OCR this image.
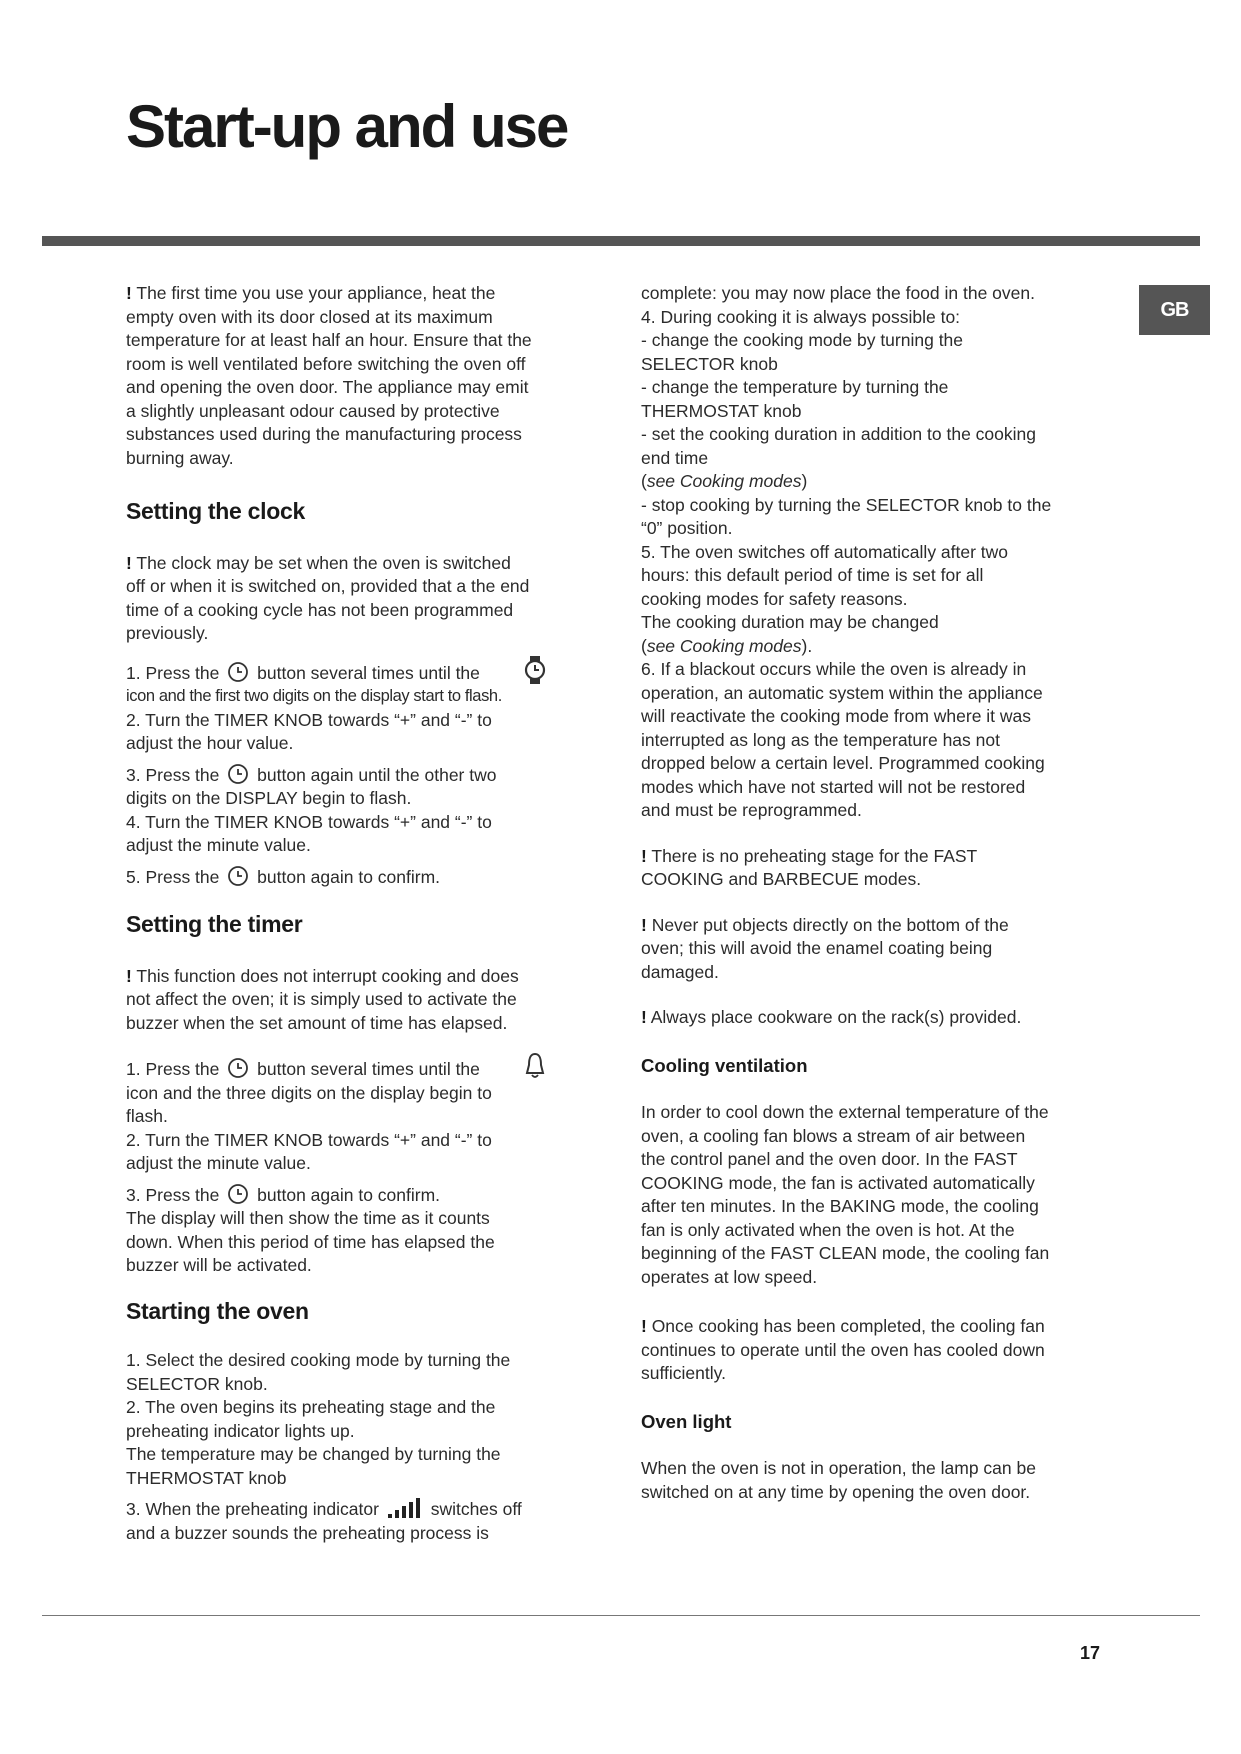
Start-up and use
GB

! The first time you use your appliance, heat the
empty oven with its door closed at its maximum
temperature for at least half an hour. Ensure that the
room is well ventilated before switching the oven off
and opening the oven door. The appliance may emit
a slightly unpleasant odour caused by protective
substances used during the manufacturing process
burning away.

Setting the clock

! The clock may be set when the oven is switched
off or when it is switched on, provided that a the end
time of a cooking cycle has not been programmed
previously.

1. Press the button several times until the
icon and the first two digits on the display start to flash.
2. Turn the TIMER KNOB towards “+” and “-” to
adjust the hour value.

3. Press the
button again until the other two
digits on the DISPLAY begin to flash.
4. Turn the TIMER KNOB towards “+” and “-” to
adjust the minute value.

5. Press the button again to confirm.

Setting the timer

! This function does not interrupt cooking and does
not affect the oven; it is simply used to activate the
buzzer when the set amount of time has elapsed.

1. Press the button several times until the
icon and the three digits on the display begin to
flash.
2. Turn the TIMER KNOB towards “+” and “-” to
adjust the minute value.

3. Press the button again to confirm.
The display will then show the time as it counts
down. When this period of time has elapsed the
buzzer will be activated.

Starting the oven

1. Select the desired cooking mode by turning the
SELECTOR knob.
2. The oven begins its preheating stage and the
preheating indicator lights up.
The temperature may be changed by turning the
THERMOSTAT knob

3. When the preheating indicator	switches off
and a buzzer sounds the preheating process is

complete: you may now place the food in the oven.
4. During cooking it is always possible to:
- change the cooking mode by turning the
SELECTOR knob
- change the temperature by turning the
THERMOSTAT knob
- set the cooking duration in addition to the cooking
end time
(see Cooking modes)
- stop cooking by turning the SELECTOR knob to the
“0” position.
5. The oven switches off automatically after two
hours: this default period of time is set for all
cooking modes for safety reasons.
The cooking duration may be changed
(see Cooking modes).
6. If a blackout occurs while the oven is already in
operation, an automatic system within the appliance
will reactivate the cooking mode from where it was
interrupted as long as the temperature has not
dropped below a certain level. Programmed cooking
modes which have not started will not be restored
and must be reprogrammed.

! There is no preheating stage for the FAST
COOKING and BARBECUE modes.

! Never put objects directly on the bottom of the
oven; this will avoid the enamel coating being
damaged.

! Always place cookware on the rack(s) provided.

Cooling ventilation

In order to cool down the external temperature of the
oven, a cooling fan blows a stream of air between
the control panel and the oven door. In the FAST
COOKING mode, the fan is activated automatically
after ten minutes. In the BAKING mode, the cooling
fan is only activated when the oven is hot. At the
beginning of the FAST CLEAN mode, the cooling fan
operates at low speed.

! Once cooking has been completed, the cooling fan
continues to operate until the oven has cooled down
sufficiently.

Oven light

When the oven is not in operation, the lamp can be
switched on at any time by opening the oven door.

17
